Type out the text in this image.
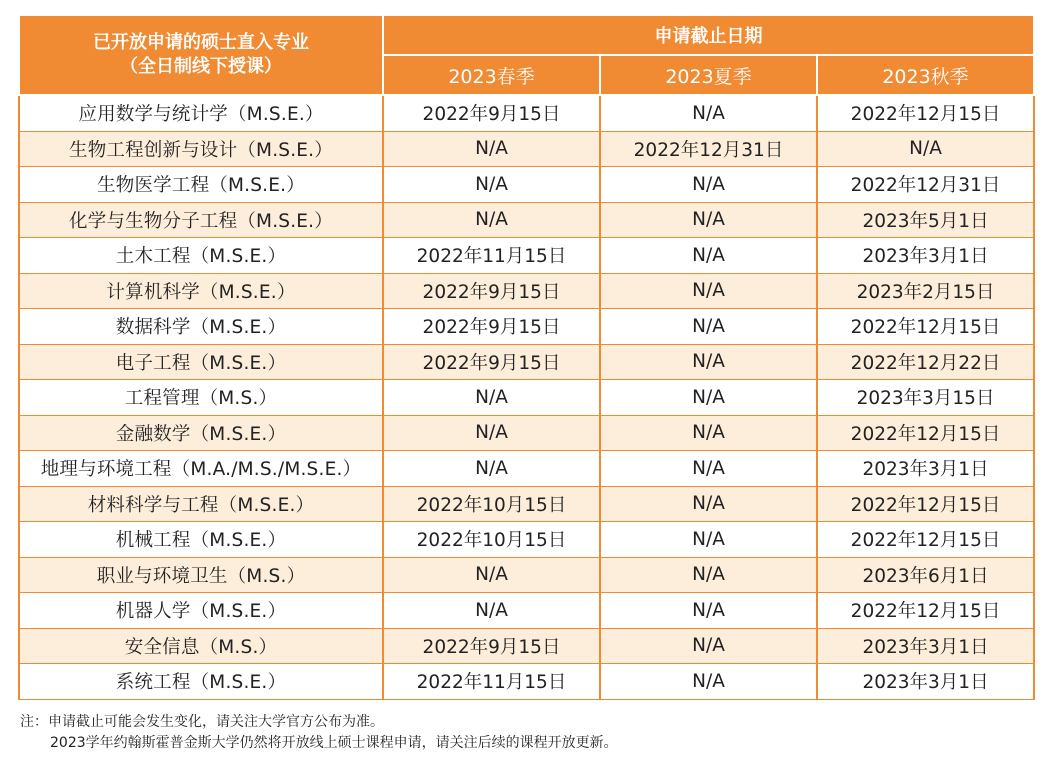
已开放申请的硕士直入专业
（全日制线下授课）	申请截止日期		
	2023春季	2023夏季	2023秋季
应用数学与统计学（M.S.E.）	2022年9月15日	N/A	2022年12月15日
生物工程创新与设计（M.S.E.）	N/A	2022年12月31日	N/A
生物医学工程（M.S.E.）	N/A	N/A	2022年12月31日
化学与生物分子工程（M.S.E.）	N/A	N/A	2023年5月1日
土木工程（M.S.E.）	2022年11月15日	N/A	2023年3月1日
计算机科学（M.S.E.）	2022年9月15日	N/A	2023年2月15日
数据科学（M.S.E.）	2022年9月15日	N/A	2022年12月15日
电子工程（M.S.E.）	2022年9月15日	N/A	2022年12月22日
工程管理（M.S.）	N/A	N/A	2023年3月15日
金融数学（M.S.E.）	N/A	N/A	2022年12月15日
地理与环境工程（M.A./M.S./M.S.E.）	N/A	N/A	2023年3月1日
材料科学与工程（M.S.E.）	2022年10月15日	N/A	2022年12月15日
机械工程（M.S.E.）	2022年10月15日	N/A	2022年12月15日
职业与环境卫生（M.S.）	N/A	N/A	2023年6月1日
机器人学（M.S.E.）	N/A	N/A	2022年12月15日
安全信息（M.S.）	2022年9月15日	N/A	2023年3月1日
系统工程（M.S.E.）	2022年11月15日	N/A	2023年3月1日
注：申请截止可能会发生变化，请关注大学官方公布为准。
2023学年约翰斯霍普金斯大学仍然将开放线上硕士课程申请，请关注后续的课程开放更新。
